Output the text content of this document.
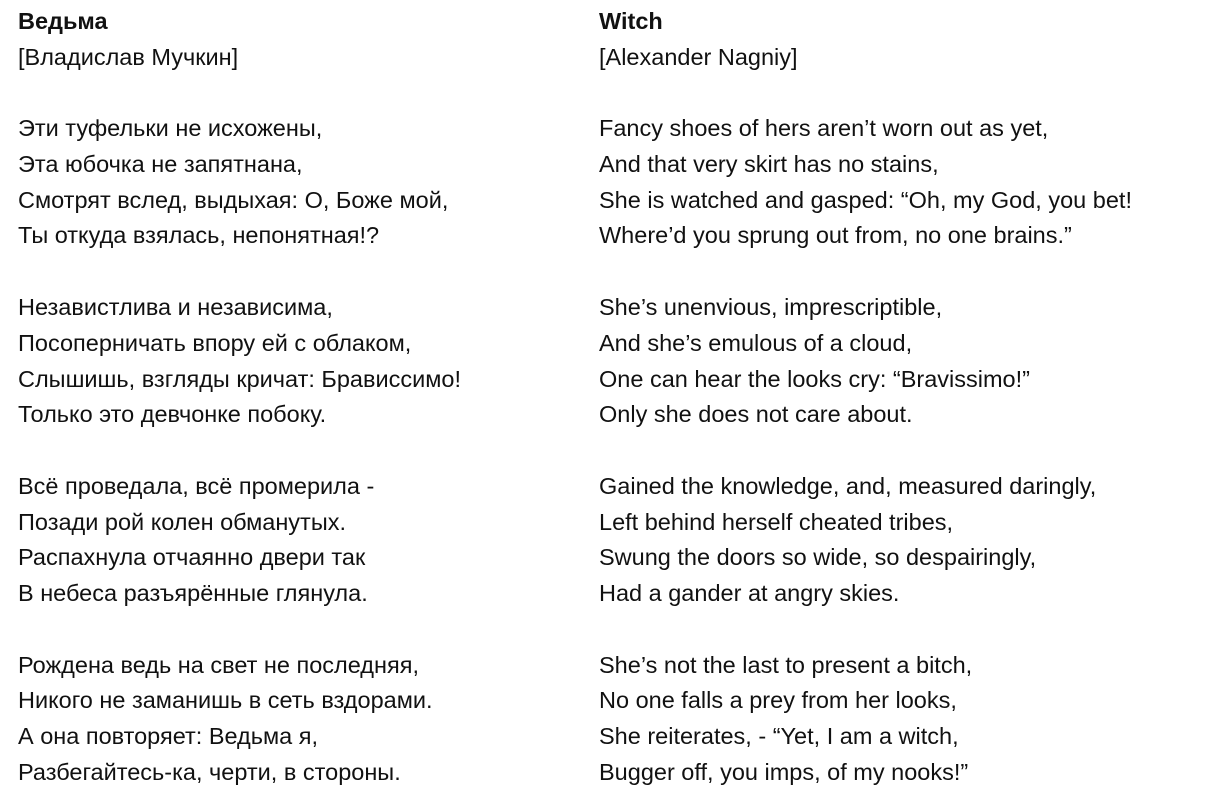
Ведьма
[Владислав Мучкин]
Эти туфельки не исхожены,
Эта юбочка не запятнана,
Смотрят вслед, выдыхая: О, Боже мой,
Ты откуда взялась, непонятная!?
Независтлива и независима,
Посоперничать впору ей с облаком,
Слышишь, взгляды кричат: Брависсимо!
Только это девчонке побоку.
Всё проведала, всё промерила -
Позади рой колен обманутых.
Распахнула отчаянно двери так
В небеса разъярённые глянула.
Рождена ведь на свет не последняя,
Никого не заманишь в сеть вздорами.
А она повторяет: Ведьма я,
Разбегайтесь-ка, черти, в стороны.
Witch
[Alexander Nagniy]
Fancy shoes of hers aren’t worn out as yet,
And that very skirt has no stains,
She is watched and gasped: “Oh, my God, you bet!
Where’d you sprung out from, no one brains.”
She’s unenvious, imprescriptible,
And she’s emulous of a cloud,
One can hear the looks cry: “Bravissimo!”
Only she does not care about.
Gained the knowledge, and, measured daringly,
Left behind herself cheated tribes,
Swung the doors so wide, so despairingly,
Had a gander at angry skies.
She’s not the last to present a bitch,
No one falls a prey from her looks,
She reiterates, - “Yet, I am a witch,
Bugger off, you imps, of my nooks!”
